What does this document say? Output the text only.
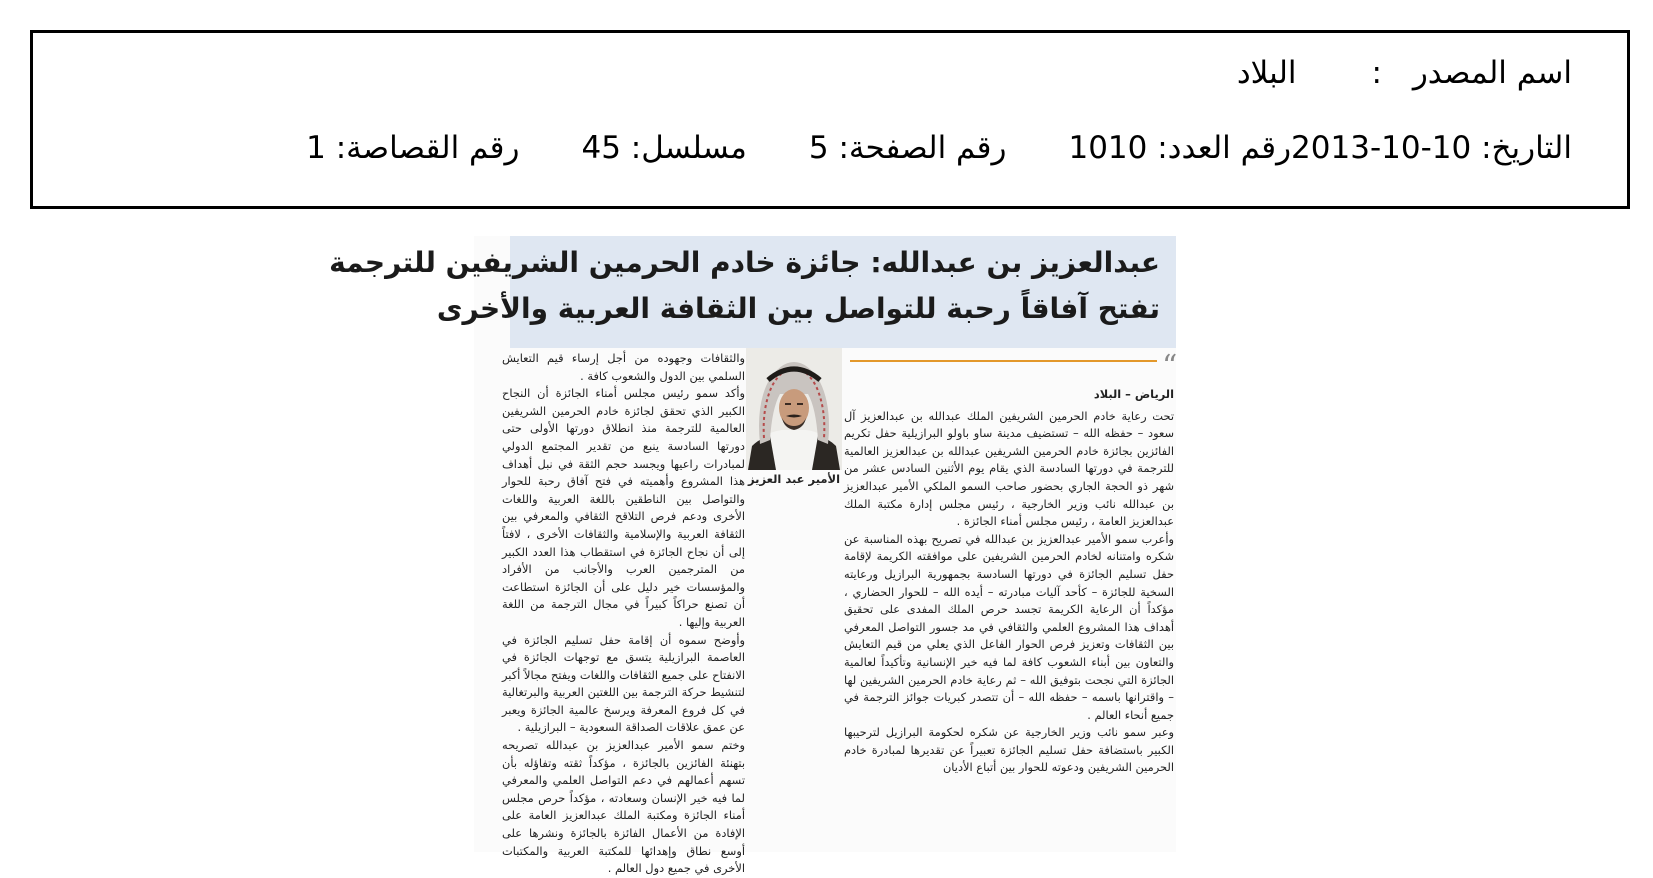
اسم المصدر
:
البلاد
التاريخ:

2013-10-10
رقم العدد:

1010
رقم الصفحة:

5
مسلسل:

45
رقم القصاصة:

1
عبدالعزيز بن عبدالله: جائزة خادم الحرمين الشريفين للترجمة
تفتح آفاقاً رحبة للتواصل بين الثقافة العربية والأخرى
“

الرياض – البلاد

تحت رعاية خادم الحرمين الشريفين الملك عبدالله بن عبدالعزيز آل سعود – حفظه الله – تستضيف مدينة ساو باولو البرازيلية حفل تكريم الفائزين بجائزة خادم الحرمين الشريفين عبدالله بن عبدالعزيز العالمية للترجمة في دورتها السادسة الذي يقام يوم الأثنين السادس عشر من شهر ذو الحجة الجاري بحضور صاحب السمو الملكي الأمير عبدالعزيز بن عبدالله نائب وزير الخارجية ، رئيس مجلس إدارة مكتبة الملك عبدالعزيز العامة ، رئيس مجلس أمناء الجائزة .

وأعرب سمو الأمير عبدالعزيز بن عبدالله في تصريح بهذه المناسبة عن شكره وامتنانه لخادم الحرمين الشريفين على موافقته الكريمة لإقامة حفل تسليم الجائزة في دورتها السادسة بجمهورية البرازيل ورعايته السخية للجائزة – كأحد آليات مبادرته – أيده الله – للحوار الحضاري ، مؤكداً أن الرعاية الكريمة تجسد حرص الملك المفدى على تحقيق أهداف هذا المشروع العلمي والثقافي في مد جسور التواصل المعرفي بين الثقافات وتعزيز فرص الحوار الفاعل الذي يعلي من قيم التعايش والتعاون بين أبناء الشعوب كافة لما فيه خير الإنسانية وتأكيداً لعالمية الجائزة التي نجحت بتوفيق الله – ثم رعاية خادم الحرمين الشريفين لها – واقترانها باسمه – حفظه الله – أن تتصدر كبريات جوائز الترجمة في جميع أنحاء العالم .

وعبر سمو نائب وزير الخارجية عن شكره لحكومة البرازيل لترحيبها الكبير باستضافة حفل تسليم الجائزة تعبيراً عن تقديرها لمبادرة خادم الحرمين الشريفين ودعوته للحوار بين أتباع الأديان

الأمير عبد العزيز

والثقافات وجهوده من أجل إرساء قيم التعايش السلمي بين الدول والشعوب كافة .

وأكد سمو رئيس مجلس أمناء الجائزة أن النجاح الكبير الذي تحقق لجائزة خادم الحرمين الشريفين العالمية للترجمة منذ انطلاق دورتها الأولى حتى دورتها السادسة ينبع من تقدير المجتمع الدولي لمبادرات راعيها ويجسد حجم الثقة في نبل أهداف هذا المشروع وأهميته في فتح آفاق رحبة للحوار والتواصل بين الناطقين باللغة العربية واللغات الأخرى ودعم فرص التلاقح الثقافي والمعرفي بين الثقافة العربية والإسلامية والثقافات الأخرى ، لافتاً إلى أن نجاح الجائزة في استقطاب هذا العدد الكبير من المترجمين العرب والأجانب من الأفراد والمؤسسات خير دليل على أن الجائزة استطاعت أن تصنع حراكاً كبيراً في مجال الترجمة من اللغة العربية وإليها .

وأوضح سموه أن إقامة حفل تسليم الجائزة في العاصمة البرازيلية يتسق مع توجهات الجائزة في الانفتاح على جميع الثقافات واللغات ويفتح مجالاً أكبر لتنشيط حركة الترجمة بين اللغتين العربية والبرتغالية في كل فروع المعرفة ويرسخ عالمية الجائزة ويعبر عن عمق علاقات الصداقة السعودية – البرازيلية .

وختم سمو الأمير عبدالعزيز بن عبدالله تصريحه بتهنئة الفائزين بالجائزة ، مؤكداً ثقته وتفاؤله بأن تسهم أعمالهم في دعم التواصل العلمي والمعرفي لما فيه خير الإنسان وسعادته ، مؤكداً حرص مجلس أمناء الجائزة ومكتبة الملك عبدالعزيز العامة على الإفادة من الأعمال الفائزة بالجائزة ونشرها على أوسع نطاق وإهدائها للمكتبة العربية والمكتبات الأخرى في جميع دول العالم .
